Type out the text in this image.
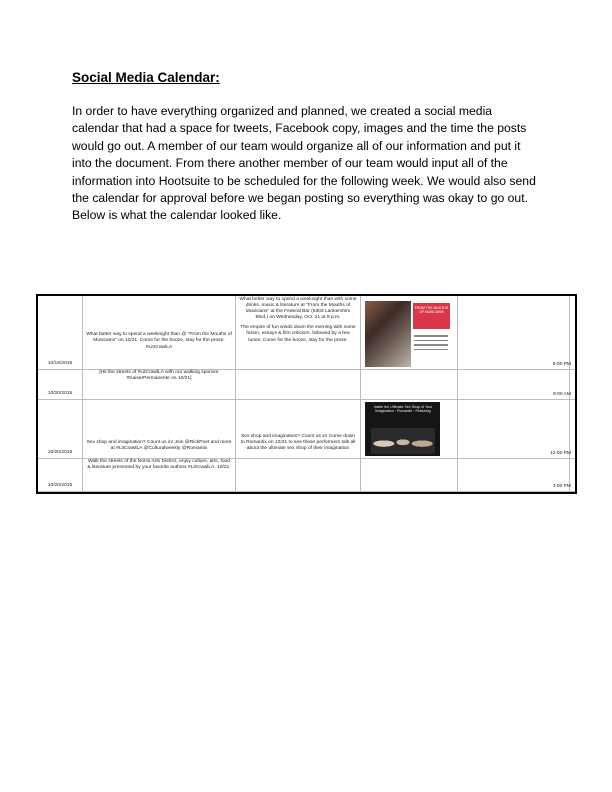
Social Media Calendar:

In order to have everything organized and planned, we created a social media calendar that had a space for tweets, Facebook copy, images and the time the posts would go out. A member of our team would organize all of our information and put it into the document. From there another member of our team would input all of the information into Hootsuite to be scheduled for the following week. We would also send the calendar for approval before we began posting so everything was okay to go out. Below is what the calendar looked like.

10/19/2015
What better way to spend a weeknight than @ "From the Mouths of Musicians" on 10/21. Come for the booze, stay for the prose. #LitCrawlLA

What better way to spend a weeknight than with some drinks, music & literature at "From the Mouths of Musicians" at the Federal Bar (5303 Lankershim Blvd.) on Wednesday, Oct. 21 at 9 p.m.

The empire of fun winds down the evening with some fiction, essays & film criticism, followed by a few tunes. Come for the booze, stay for the prose.

6:00 PM
10/20/2015
[Hit the streets of #LitCrawlLA with our walking sponsor #KaiserPermanente on 10/21]
9:00 AM
10/20/2015
Sex shop and imagination? Count us in! Join @RickPoet and more at #LitCrawlLA @Culturalweekly @Romantix
Sex shop and imagination? Count us in! Come down to Romantix on 10/21 to see these performers talk all about the ultimate sex shop of their imagination
12:00 PM
10/20/2015
Walk the streets of the NoHo Arts District, enjoy culture, arts, food & literature presented by your favorite authors #LitCrawlLA, 10/21.
3:00 PM
FROM THE MOUTHS OF MUSICIANS
Inside the Ultimate Sex Shop of Your Imagination · Romantix · Featuring
